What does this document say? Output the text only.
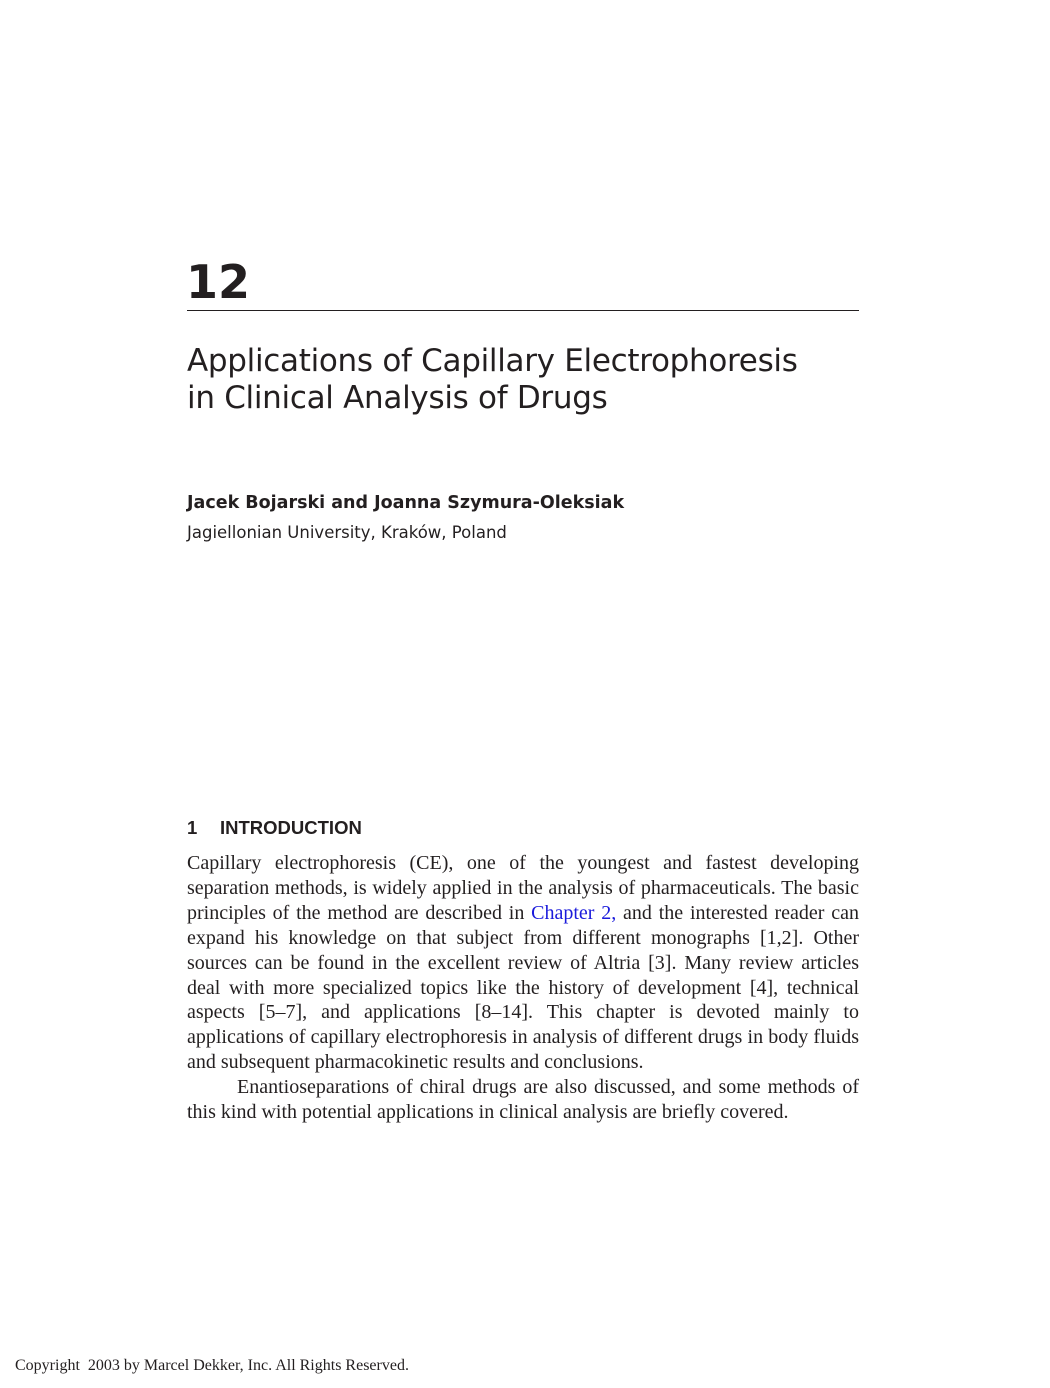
12
Applications of Capillary Electrophoresis
in Clinical Analysis of Drugs

Jacek Bojarski and Joanna Szymura-Oleksiak

Jagiellonian University, Kraków, Poland

1 INTRODUCTION

Capillary electrophoresis (CE), one of the youngest and fastest developing separation methods, is widely applied in the analysis of pharmaceuticals. The basic principles of the method are described in Chapter 2, and the interested reader can expand his knowledge on that subject from different monographs [1,2]. Other sources can be found in the excellent review of Altria [3]. Many review articles deal with more specialized topics like the history of development [4], technical aspects [5–7], and applications [8–14]. This chapter is devoted mainly to applications of capillary electrophoresis in analysis of different drugs in body fluids and subsequent pharmacokinetic results and conclusions.

Enantioseparations of chiral drugs are also discussed, and some methods of this kind with potential applications in clinical analysis are briefly covered.

Copyright  2003 by Marcel Dekker, Inc. All Rights Reserved.
